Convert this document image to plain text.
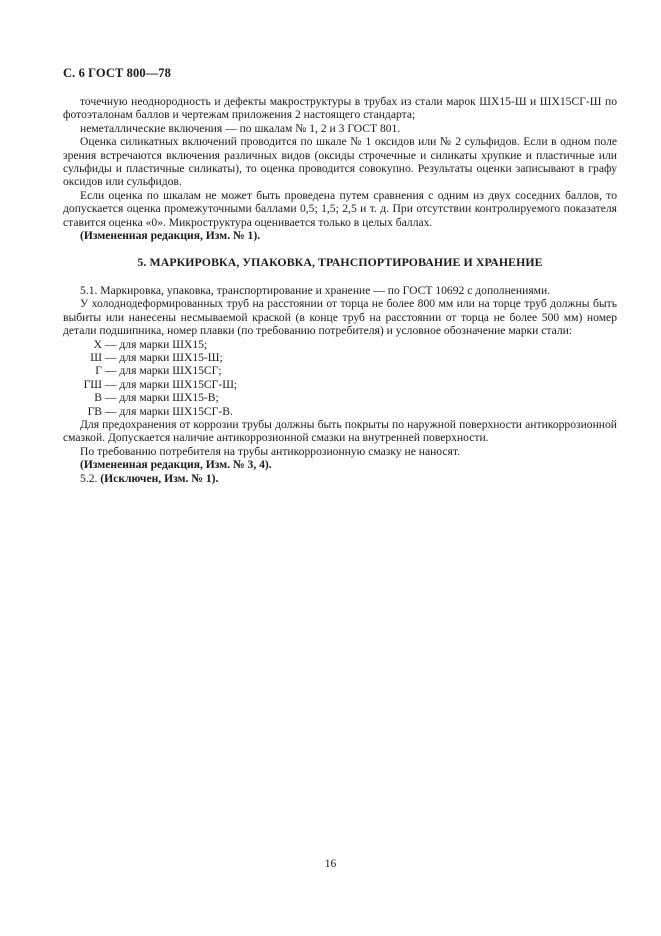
С. 6 ГОСТ 800—78

точечную неоднородность и дефекты макроструктуры в трубах из стали марок ШХ15-Ш и ШХ15СГ-Ш по фотоэталонам баллов и чертежам приложения 2 настоящего стандарта;

неметаллические включения — по шкалам № 1, 2 и 3 ГОСТ 801.

Оценка силикатных включений проводится по шкале № 1 оксидов или № 2 сульфидов. Если в одном поле зрения встречаются включения различных видов (оксиды строчечные и силикаты хрупкие и пластичные или сульфиды и пластичные силикаты), то оценка проводится совокупно. Результаты оценки записывают в графу оксидов или сульфидов.

Если оценка по шкалам не может быть проведена путем сравнения с одним из двух соседних баллов, то допускается оценка промежуточными баллами 0,5; 1,5; 2,5 и т. д. При отсутствии контролируемого показателя ставится оценка «0». Микроструктура оценивается только в целых баллах.

(Измененная редакция, Изм. № 1).

5. МАРКИРОВКА, УПАКОВКА, ТРАНСПОРТИРОВАНИЕ И ХРАНЕНИЕ

5.1. Маркировка, упаковка, транспортирование и хранение — по ГОСТ 10692 с дополнениями.

У холоднодеформированных труб на расстоянии от торца не более 800 мм или на торце труб должны быть выбиты или нанесены несмываемой краской (в конце труб на расстоянии от торца не более 500 мм) номер детали подшипника, номер плавки (по требованию потребителя) и условное обозначение марки стали:

Х — для марки ШХ15;
Ш — для марки ШХ15-Ш;
Г — для марки ШХ15СГ;
ГШ — для марки ШХ15СГ-Ш;
В — для марки ШХ15-В;
ГВ — для марки ШХ15СГ-В.

Для предохранения от коррозии трубы должны быть покрыты по наружной поверхности антикоррозионной смазкой. Допускается наличие антикоррозионной смазки на внутренней поверхности.

По требованию потребителя на трубы антикоррозионную смазку не наносят.

(Измененная редакция, Изм. № 3, 4).

5.2. (Исключен, Изм. № 1).

16
